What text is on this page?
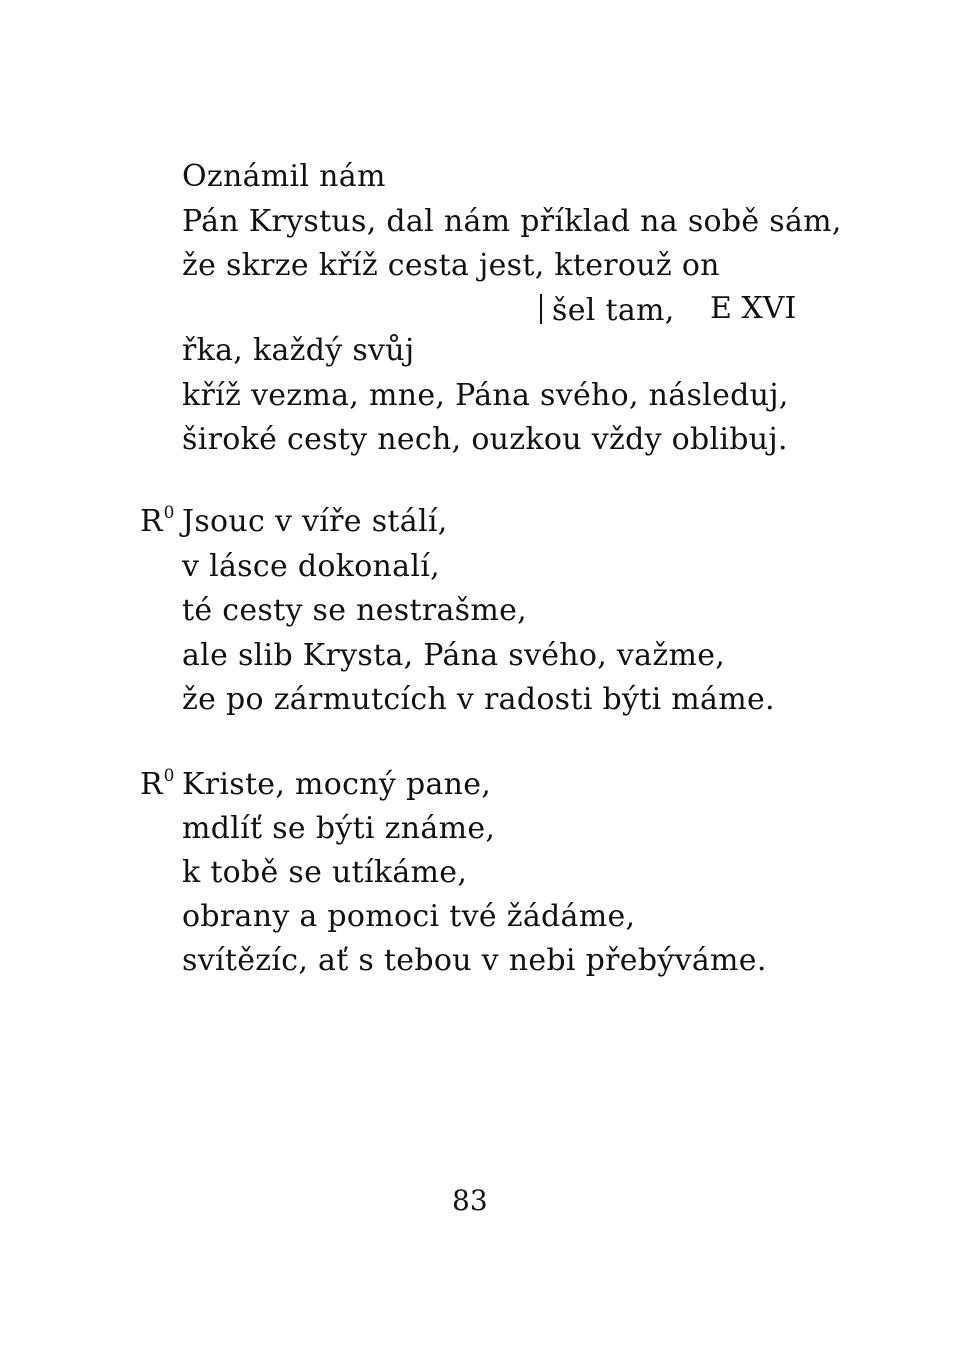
Oznámil nám
Pán Krystus, dal nám příklad na sobě sám,
že skrze kříž cesta jest, kterouž on
šel tam, E XVI
řka, každý svůj
kříž vezma, mne, Pána svého, následuj,
široké cesty nech, ouzkou vždy oblibuj.
$R^0$ Jsouc v víře stálí,
v lásce dokonalí,
té cesty se nestrašme,
ale slib Krysta, Pána svého, važme,
že po zármutcích v radosti býti máme.
$R^0$ Kriste, mocný pane,
mdlíť se býti známe,
k tobě se utíkáme,
obrany a pomoci tvé žádáme,
svítězíc, ať s tebou v nebi přebýváme.
83
